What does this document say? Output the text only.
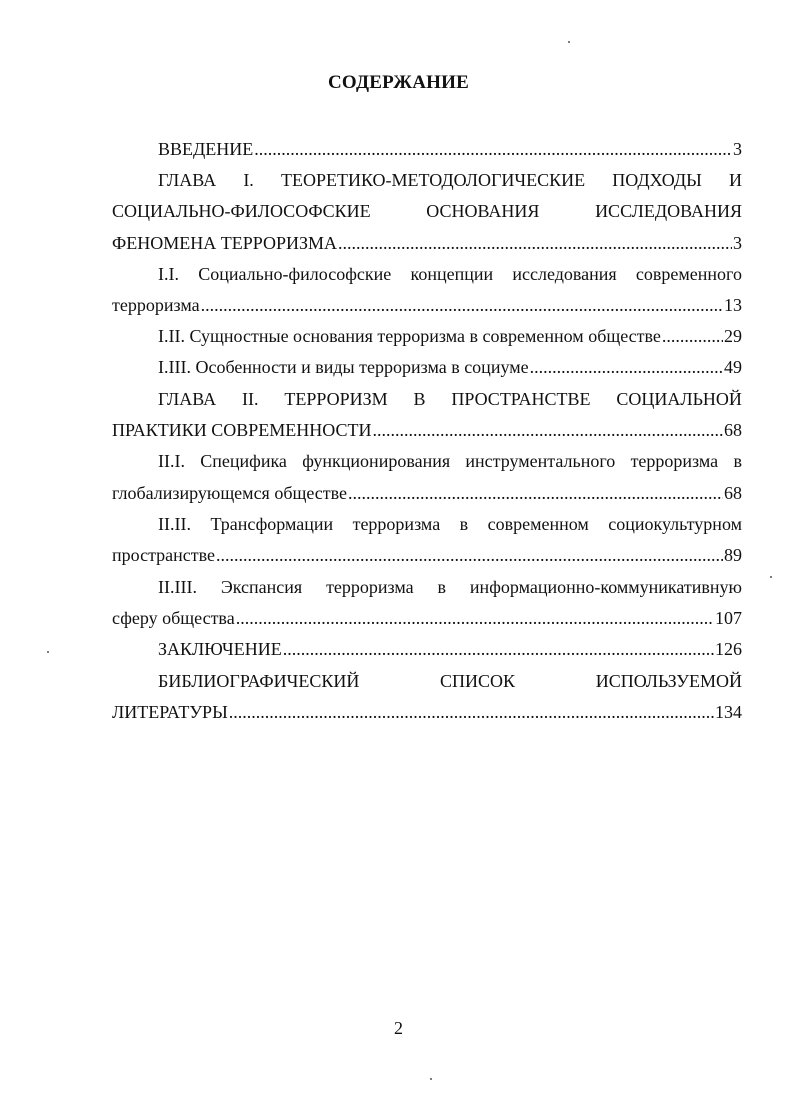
СОДЕРЖАНИЕ
ВВЕДЕНИЕ .....	3
ГЛАВА I. ТЕОРЕТИКО-МЕТОДОЛОГИЧЕСКИЕ ПОДХОДЫ И
СОЦИАЛЬНО-ФИЛОСОФСКИЕ	ОСНОВАНИЯ	ИССЛЕДОВАНИЯ
ФЕНОМЕНА ТЕРРОРИЗМА .....	3
I.I. Социально-философские концепции исследования современного
терроризма .....	13
I.II. Сущностные основания терроризма в современном обществе .....	29
I.III. Особенности и виды терроризма в социуме .....	49
ГЛАВА II. ТЕРРОРИЗМ В ПРОСТРАНСТВЕ СОЦИАЛЬНОЙ
ПРАКТИКИ СОВРЕМЕННОСТИ .....	68
II.I. Специфика функционирования инструментального терроризма в
глобализирующемся обществе .....	68
II.II. Трансформации терроризма в современном социокультурном
пространстве .....	89
II.III. Экспансия терроризма в информационно-коммуникативную
сферу общества .....	107
ЗАКЛЮЧЕНИЕ .....	126
БИБЛИОГРАФИЧЕСКИЙ	СПИСОК	ИСПОЛЬЗУЕМОЙ
ЛИТЕРАТУРЫ .....	134
2
